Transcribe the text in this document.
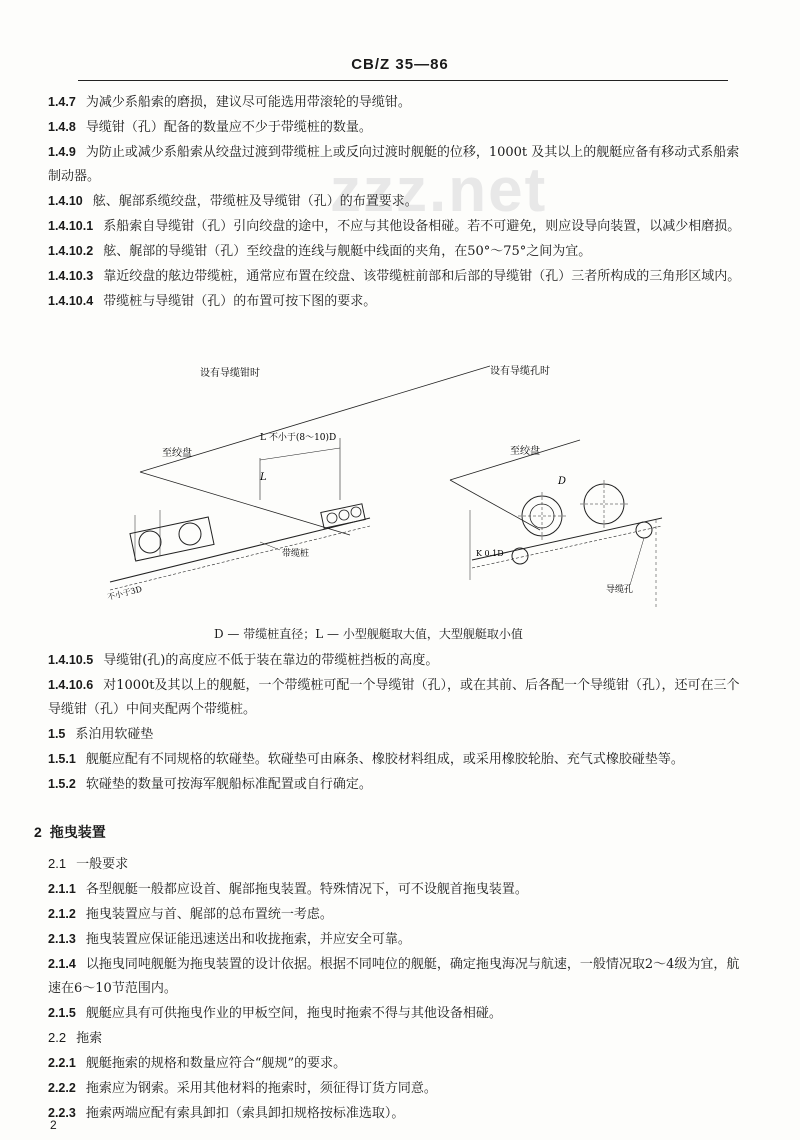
CB/Z 35—86
zzz.net

1.4.7 为减少系船索的磨损，建议尽可能选用带滚轮的导缆钳。

1.4.8 导缆钳（孔）配备的数量应不少于带缆桩的数量。

1.4.9 为防止或减少系船索从绞盘过渡到带缆桩上或反向过渡时舰艇的位移，1000t 及其以上的舰艇应备有移动式系船索制动器。

1.4.10 舷、艉部系缆绞盘，带缆桩及导缆钳（孔）的布置要求。

1.4.10.1 系船索自导缆钳（孔）引向绞盘的途中，不应与其他设备相碰。若不可避免，则应设导向装置，以减少相磨损。

1.4.10.2 舷、艉部的导缆钳（孔）至绞盘的连线与舰艇中线面的夹角，在50°～75°之间为宜。

1.4.10.3 靠近绞盘的舷边带缆桩，通常应布置在绞盘、该带缆桩前部和后部的导缆钳（孔）三者所构成的三角形区域内。

1.4.10.4 带缆桩与导缆钳（孔）的布置可按下图的要求。

设有导缆钳时	设有导缆孔时
至绞盘
L 不小于(8～10)D
L
带缆桩
不小于3D
至绞盘
D
K 0.1D
导缆孔
D — 带缆桩直径；L — 小型舰艇取大值，大型舰艇取小值

1.4.10.5 导缆钳(孔)的高度应不低于装在靠边的带缆桩挡板的高度。

1.4.10.6 对1000t及其以上的舰艇，一个带缆桩可配一个导缆钳（孔），或在其前、后各配一个导缆钳（孔），还可在三个导缆钳（孔）中间夹配两个带缆桩。

1.5 系泊用软碰垫

1.5.1 舰艇应配有不同规格的软碰垫。软碰垫可由麻条、橡胶材料组成，或采用橡胶轮胎、充气式橡胶碰垫等。

1.5.2 软碰垫的数量可按海军舰船标准配置或自行确定。

2 拖曳装置

2.1 一般要求

2.1.1 各型舰艇一般都应设首、艉部拖曳装置。特殊情况下，可不设舰首拖曳装置。

2.1.2 拖曳装置应与首、艉部的总布置统一考虑。

2.1.3 拖曳装置应保证能迅速送出和收拢拖索，并应安全可靠。

2.1.4 以拖曳同吨舰艇为拖曳装置的设计依据。根据不同吨位的舰艇，确定拖曳海况与航速，一般情况取2～4级为宜，航速在6～10节范围内。

2.1.5 舰艇应具有可供拖曳作业的甲板空间，拖曳时拖索不得与其他设备相碰。

2.2 拖索

2.2.1 舰艇拖索的规格和数量应符合“舰规”的要求。

2.2.2 拖索应为钢索。采用其他材料的拖索时，须征得订货方同意。

2.2.3 拖索两端应配有索具卸扣（索具卸扣规格按标准选取）。

2
